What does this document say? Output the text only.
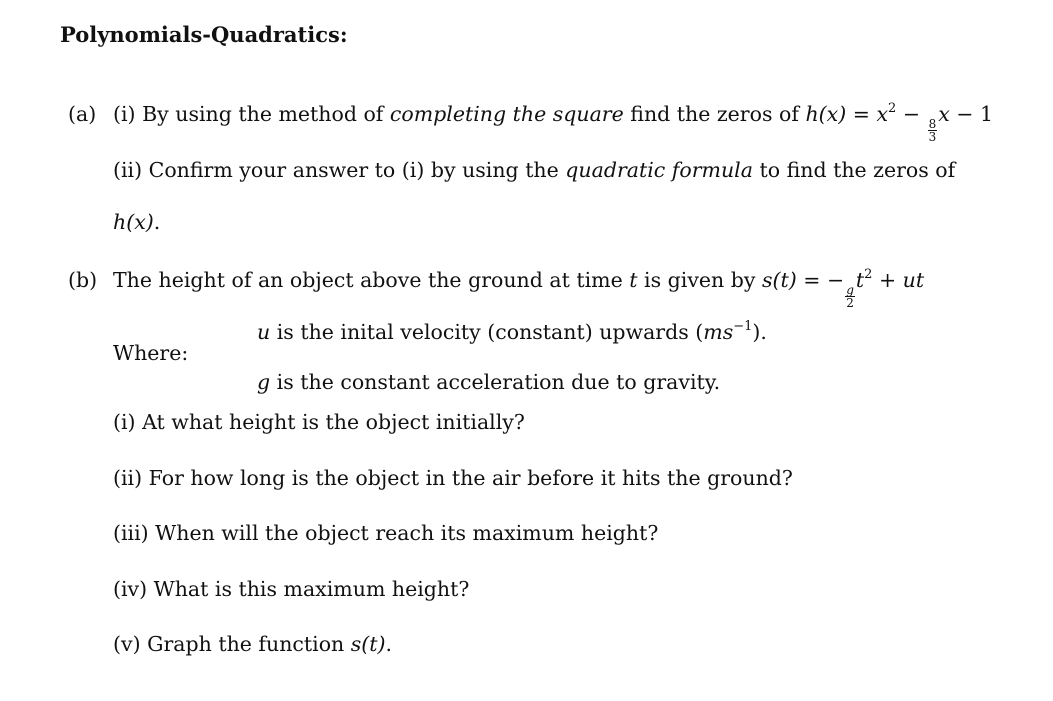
Polynomials-Quadratics:
(a) (i) By using the method of completing the square find the zeros of $h(x) = x^2$ −
$\frac{8}{3}$
x − 1
(ii) Confirm your answer to (i) by using the quadratic formula to find the zeros of
h(x).
(b) The height of an object above the ground at time t is given by s(t) = −
$\frac{g}{2}$
$t^2$ + ut
Where:
u is the inital velocity (constant) upwards $(ms^{-1})$.
g is the constant acceleration due to gravity.
(i) At what height is the object initially?
(ii) For how long is the object in the air before it hits the ground?
(iii) When will the object reach its maximum height?
(iv) What is this maximum height?
(v) Graph the function s(t).
